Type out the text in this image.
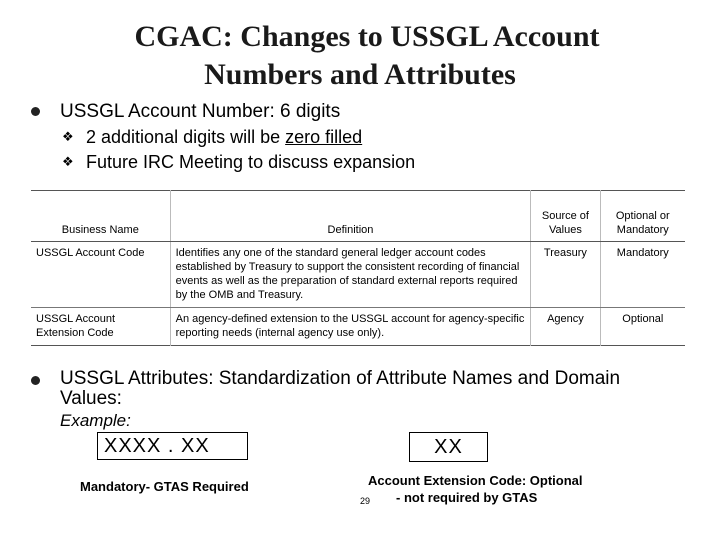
CGAC: Changes to USSGL Account
Numbers and Attributes
USSGL Account Number: 6 digits
❖ 2 additional digits will be zero filled
❖ Future IRC Meeting to discuss expansion
Business Name	Definition	Source of Values	Optional or Mandatory
USSGL Account Code	Identifies any one of the standard general ledger account codes established by Treasury to support the consistent recording of financial events as well as the preparation of standard external reports required by the OMB and Treasury.	Treasury	Mandatory
USSGL Account Extension Code	An agency-defined extension to the USSGL account for agency-specific reporting needs (internal agency use only).	Agency	Optional
USSGL Attributes: Standardization of Attribute Names and Domain Values:
Example:
XXXX . XX	XX
Mandatory- GTAS Required	Account Extension Code: Optional
- not required by GTAS
29
